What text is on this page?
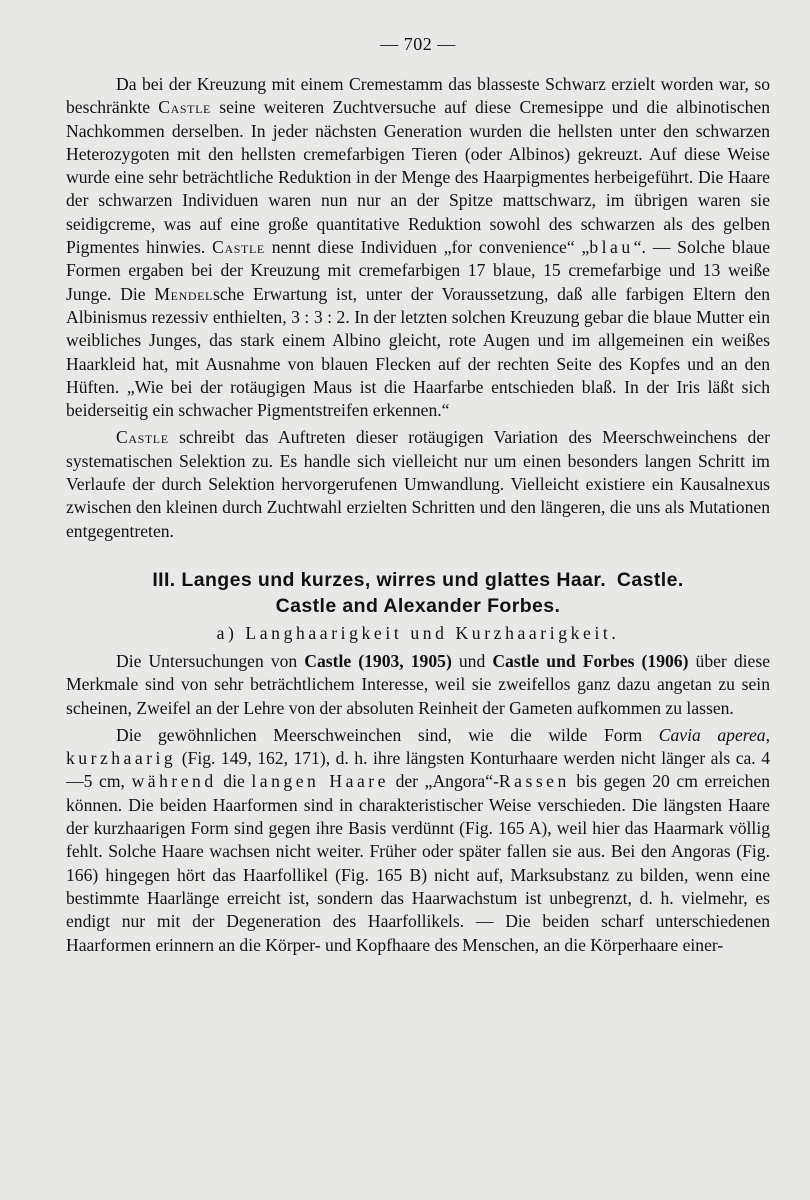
— 702 —

Da bei der Kreuzung mit einem Cremestamm das blasseste Schwarz erzielt worden war, so beschränkte Castle seine weiteren Zuchtversuche auf diese Cremesippe und die albinotischen Nachkommen derselben. In jeder nächsten Generation wurden die hellsten unter den schwarzen Heterozygoten mit den hellsten cremefarbigen Tieren (oder Albinos) gekreuzt. Auf diese Weise wurde eine sehr beträchtliche Reduktion in der Menge des Haarpigmentes herbeigeführt. Die Haare der schwarzen Individuen waren nun nur an der Spitze mattschwarz, im übrigen waren sie seidigcreme, was auf eine große quantitative Reduktion sowohl des schwarzen als des gelben Pigmentes hinwies. Castle nennt diese Individuen „for convenience“ „blau“. — Solche blaue Formen ergaben bei der Kreuzung mit cremefarbigen 17 blaue, 15 cremefarbige und 13 weiße Junge. Die Mendelsche Erwartung ist, unter der Voraussetzung, daß alle farbigen Eltern den Albinismus rezessiv enthielten, 3 : 3 : 2. In der letzten solchen Kreuzung gebar die blaue Mutter ein weibliches Junges, das stark einem Albino gleicht, rote Augen und im allgemeinen ein weißes Haarkleid hat, mit Ausnahme von blauen Flecken auf der rechten Seite des Kopfes und an den Hüften. „Wie bei der rotäugigen Maus ist die Haarfarbe entschieden blaß. In der Iris läßt sich beiderseitig ein schwacher Pigmentstreifen erkennen.“

Castle schreibt das Auftreten dieser rotäugigen Variation des Meerschweinchens der systematischen Selektion zu. Es handle sich vielleicht nur um einen besonders langen Schritt im Verlaufe der durch Selektion hervorgerufenen Umwandlung. Vielleicht existiere ein Kausalnexus zwischen den kleinen durch Zuchtwahl erzielten Schritten und den längeren, die uns als Mutationen entgegentreten.

III. Langes und kurzes, wirres und glattes Haar. Castle.
Castle and Alexander Forbes.
a) Langhaarigkeit und Kurzhaarigkeit.

Die Untersuchungen von Castle (1903, 1905) und Castle und Forbes (1906) über diese Merkmale sind von sehr beträchtlichem Interesse, weil sie zweifellos ganz dazu angetan zu sein scheinen, Zweifel an der Lehre von der absoluten Reinheit der Gameten aufkommen zu lassen.

Die gewöhnlichen Meerschweinchen sind, wie die wilde Form Cavia aperea, kurzhaarig (Fig. 149, 162, 171), d. h. ihre längsten Konturhaare werden nicht länger als ca. 4—5 cm, während die langen Haare der „Angora“-Rassen bis gegen 20 cm erreichen können. Die beiden Haarformen sind in charakteristischer Weise verschieden. Die längsten Haare der kurzhaarigen Form sind gegen ihre Basis verdünnt (Fig. 165 A), weil hier das Haarmark völlig fehlt. Solche Haare wachsen nicht weiter. Früher oder später fallen sie aus. Bei den Angoras (Fig. 166) hingegen hört das Haarfollikel (Fig. 165 B) nicht auf, Marksubstanz zu bilden, wenn eine bestimmte Haarlänge erreicht ist, sondern das Haarwachstum ist unbegrenzt, d. h. vielmehr, es endigt nur mit der Degeneration des Haarfollikels. — Die beiden scharf unterschiedenen Haarformen erinnern an die Körper- und Kopfhaare des Menschen, an die Körperhaare einer-
